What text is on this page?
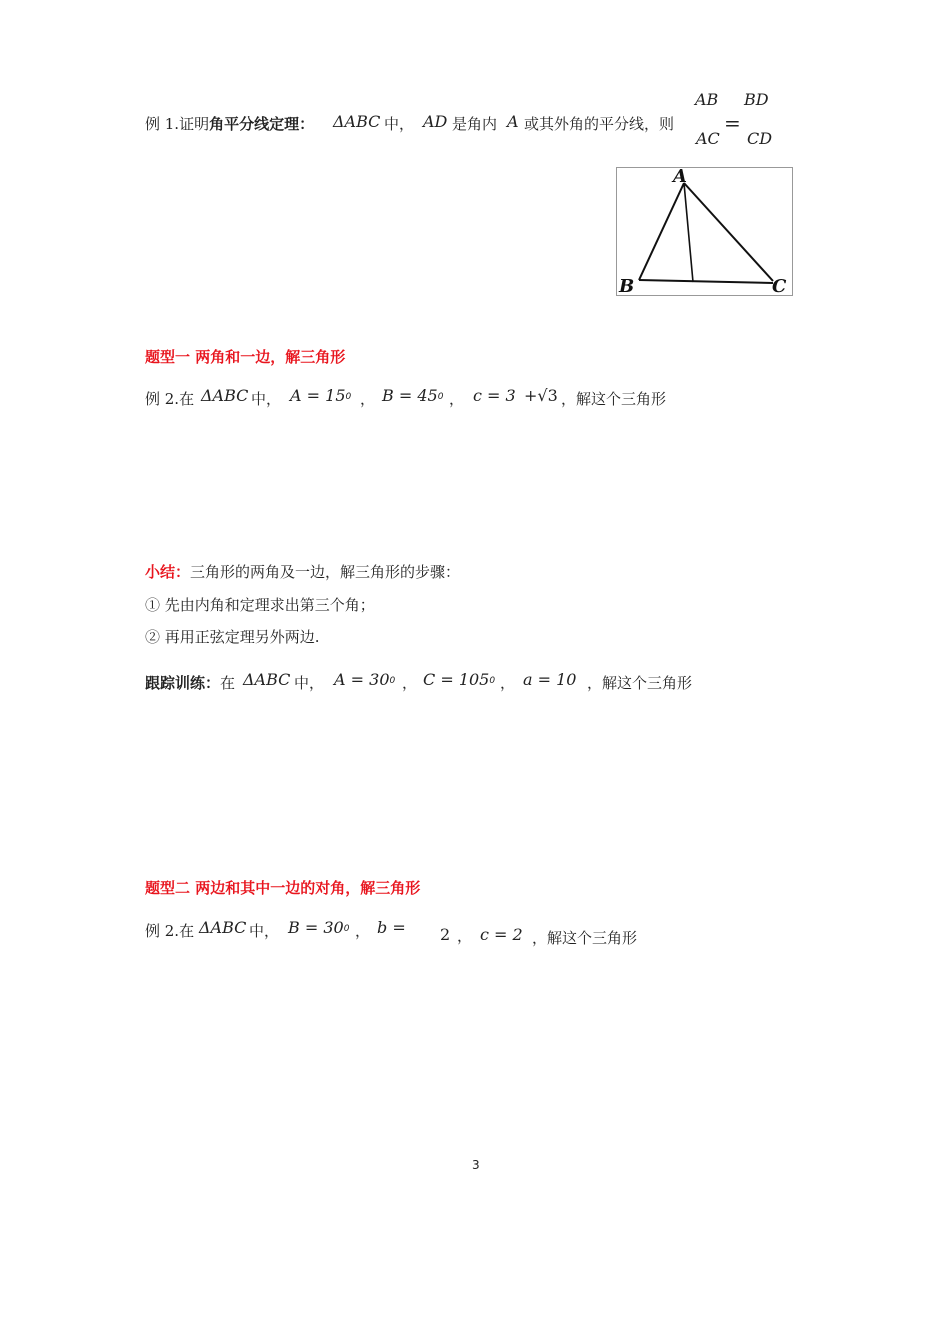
例 1.证明角平分线定理： ΔABC 中， AD 是角内 A 或其外角的平分线，则
AB
AC
=
BD
CD
A
B	C
题型一 两角和一边，解三角形
例 2.在 ΔABC 中， A = 150 ， B = 450 ， c = 3 +√3 ，解这个三角形
小结：三角形的两角及一边，解三角形的步骤：
① 先由内角和定理求出第三个角；
② 再用正弦定理另外两边.
跟踪训练：在 ΔABC 中， A = 300 ， C = 1050 ， a = 10 ，解这个三角形
题型二 两边和其中一边的对角，解三角形
例 2.在 ΔABC 中， B = 300 ， b = 2 ， c = 2 ，解这个三角形
3
